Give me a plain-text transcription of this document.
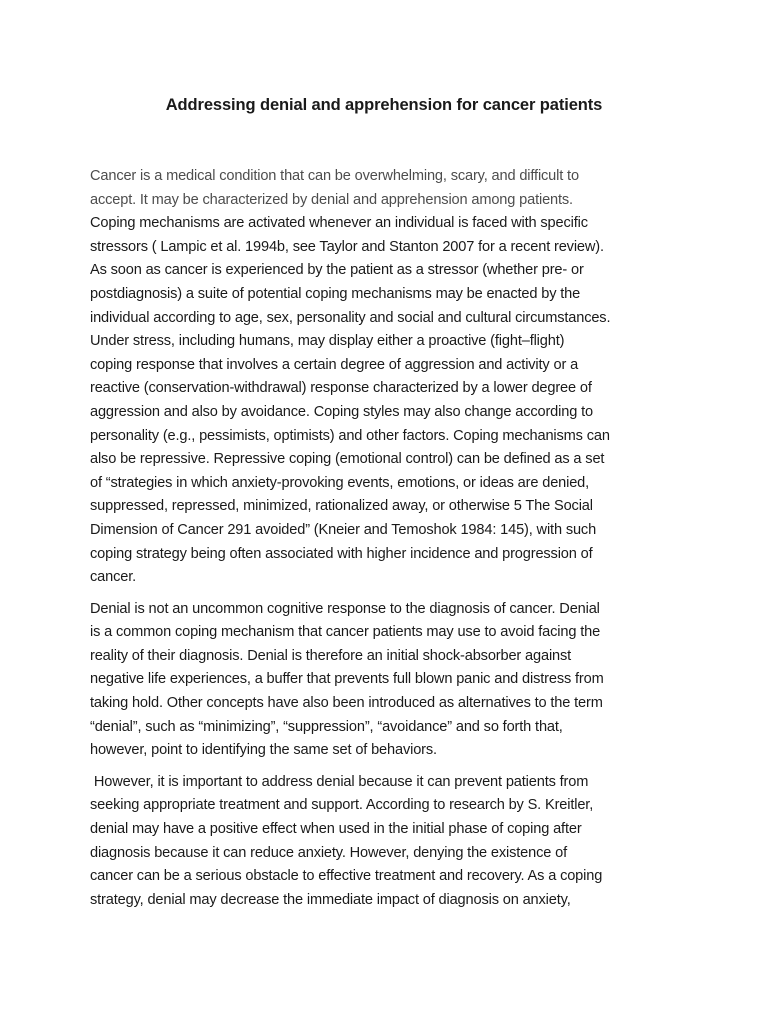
Addressing denial and apprehension for cancer patients

Cancer is a medical condition that can be overwhelming, scary, and difficult to
accept. It may be characterized by denial and apprehension among patients.
Coping mechanisms are activated whenever an individual is faced with specific
stressors ( Lampic et al. 1994b, see Taylor and Stanton 2007 for a recent review).
As soon as cancer is experienced by the patient as a stressor (whether pre- or
postdiagnosis) a suite of potential coping mechanisms may be enacted by the
individual according to age, sex, personality and social and cultural circumstances.
Under stress, including humans, may display either a proactive (fight–flight)
coping response that involves a certain degree of aggression and activity or a
reactive (conservation-withdrawal) response characterized by a lower degree of
aggression and also by avoidance. Coping styles may also change according to
personality (e.g., pessimists, optimists) and other factors. Coping mechanisms can
also be repressive. Repressive coping (emotional control) can be defined as a set
of “strategies in which anxiety-provoking events, emotions, or ideas are denied,
suppressed, repressed, minimized, rationalized away, or otherwise 5 The Social
Dimension of Cancer 291 avoided” (Kneier and Temoshok 1984: 145), with such
coping strategy being often associated with higher incidence and progression of
cancer.

Denial is not an uncommon cognitive response to the diagnosis of cancer. Denial
is a common coping mechanism that cancer patients may use to avoid facing the
reality of their diagnosis. Denial is therefore an initial shock-absorber against
negative life experiences, a buffer that prevents full blown panic and distress from
taking hold. Other concepts have also been introduced as alternatives to the term
“denial”, such as “minimizing”, “suppression”, “avoidance” and so forth that,
however, point to identifying the same set of behaviors.

However, it is important to address denial because it can prevent patients from
seeking appropriate treatment and support. According to research by S. Kreitler,
denial may have a positive effect when used in the initial phase of coping after
diagnosis because it can reduce anxiety. However, denying the existence of
cancer can be a serious obstacle to effective treatment and recovery. As a coping
strategy, denial may decrease the immediate impact of diagnosis on anxiety,
